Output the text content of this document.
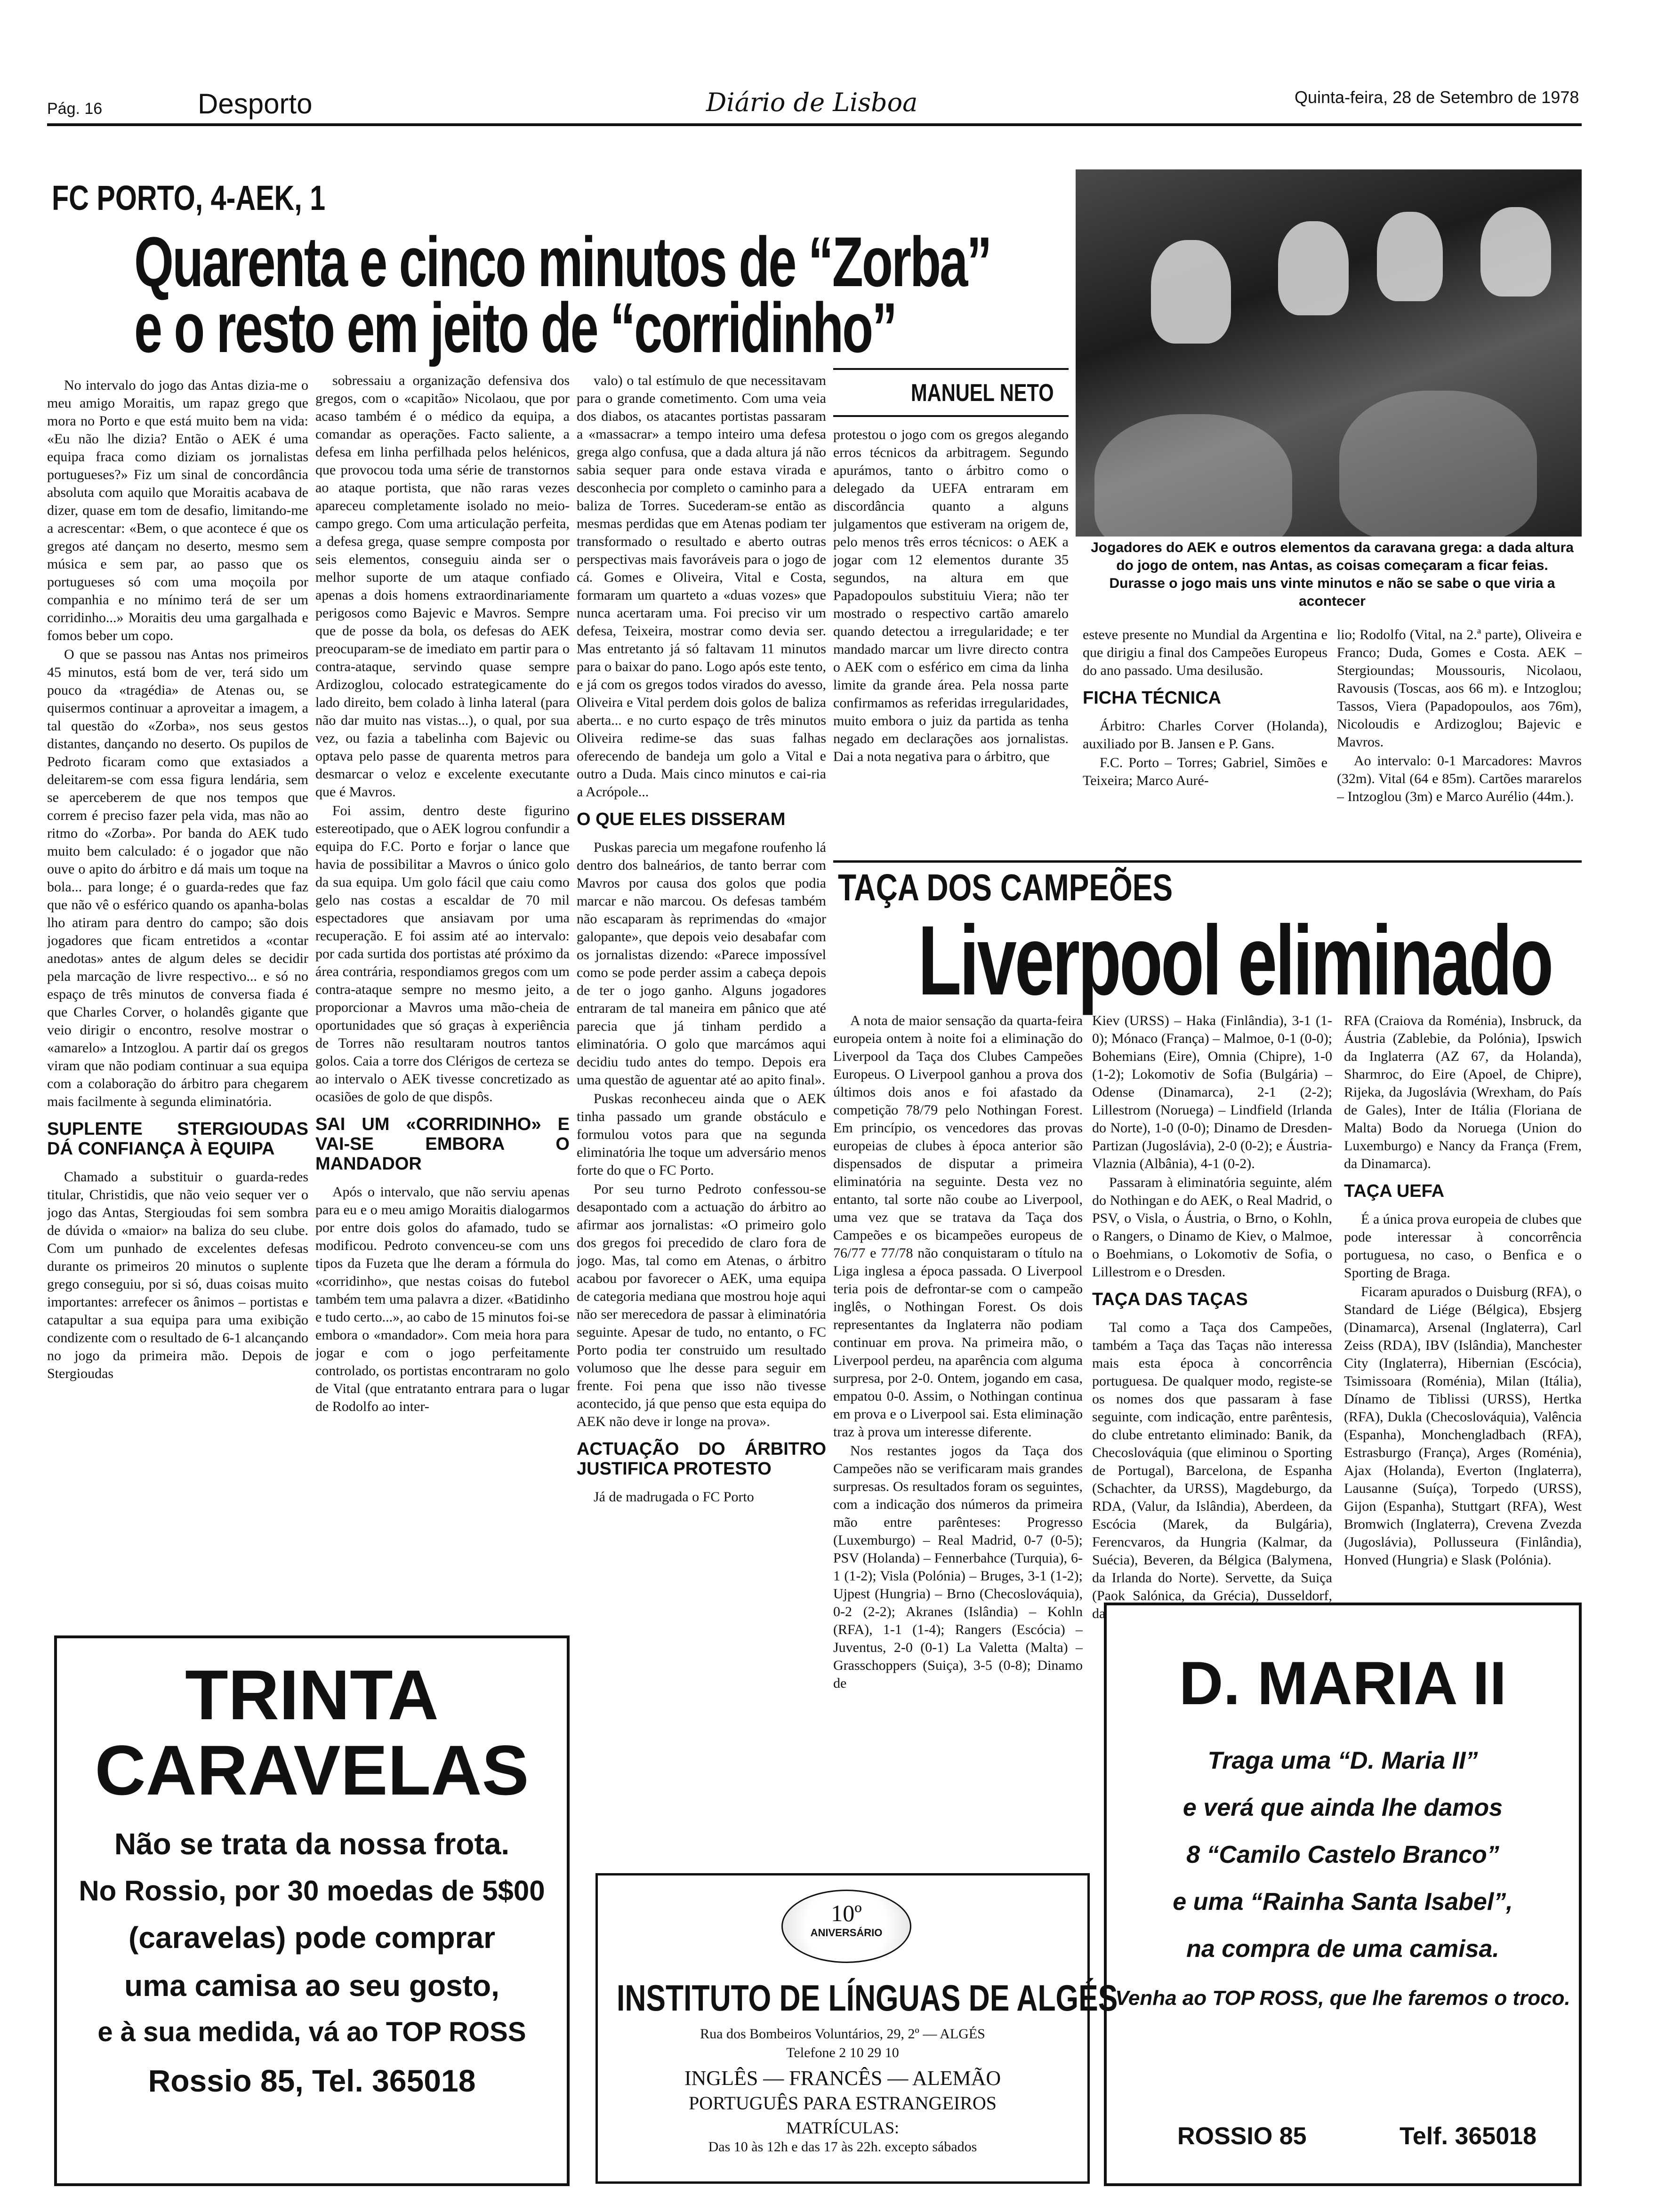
Pág. 16	Desporto	Diário de Lisboa	Quinta-feira, 28 de Setembro de 1978
FC PORTO, 4-AEK, 1
Quarenta e cinco minutos de “Zorba”
e o resto em jeito de “corridinho”
Jogadores do AEK e outros elementos da caravana grega: a dada altura do jogo de ontem, nas Antas, as coisas começaram a ficar feias. Durasse o jogo mais uns vinte minutos e não se sabe o que viria a acontecer
MANUEL NETO

No intervalo do jogo das Antas dizia-me o meu amigo Moraitis, um rapaz grego que mora no Porto e que está muito bem na vida: «Eu não lhe dizia? Então o AEK é uma equipa fraca como diziam os jornalistas portugueses?» Fiz um sinal de concordância absoluta com aquilo que Moraitis acabava de dizer, quase em tom de desafio, limitando-me a acrescentar: «Bem, o que acontece é que os gregos até dançam no deserto, mesmo sem música e sem par, ao passo que os portugueses só com uma moçoila por companhia e no mínimo terá de ser um corridinho...» Moraitis deu uma gargalhada e fomos beber um copo.

O que se passou nas Antas nos primeiros 45 minutos, está bom de ver, terá sido um pouco da «tragédia» de Atenas ou, se quisermos continuar a aproveitar a imagem, a tal questão do «Zorba», nos seus gestos distantes, dançando no deserto. Os pupilos de Pedroto ficaram como que extasiados a deleitarem-se com essa figura lendária, sem se aperceberem de que nos tempos que correm é preciso fazer pela vida, mas não ao ritmo do «Zorba». Por banda do AEK tudo muito bem calculado: é o jogador que não ouve o apito do árbitro e dá mais um toque na bola... para longe; é o guarda-redes que faz que não vê o esférico quando os apanha-bolas lho atiram para dentro do campo; são dois jogadores que ficam entretidos a «contar anedotas» antes de algum deles se decidir pela marcação de livre respectivo... e só no espaço de três minutos de conversa fiada é que Charles Corver, o holandês gigante que veio dirigir o encontro, resolve mostrar o «amarelo» a Intzoglou. A partir daí os gregos viram que não podiam continuar a sua equipa com a colaboração do árbitro para chegarem mais facilmente à segunda eliminatória.

SUPLENTE STERGIOUDAS DÁ CONFIANÇA À EQUIPA

Chamado a substituir o guarda-redes titular, Christidis, que não veio sequer ver o jogo das Antas, Stergioudas foi sem sombra de dúvida o «maior» na baliza do seu clube. Com um punhado de excelentes defesas durante os primeiros 20 minutos o suplente grego conseguiu, por si só, duas coisas muito importantes: arrefecer os ânimos – portistas e catapultar a sua equipa para uma exibição condizente com o resultado de 6-1 alcançando no jogo da primeira mão. Depois de Stergioudas

sobressaiu a organização defensiva dos gregos, com o «capitão» Nicolaou, que por acaso também é o médico da equipa, a comandar as operações. Facto saliente, a defesa em linha perfilhada pelos helénicos, que provocou toda uma série de transtornos ao ataque portista, que não raras vezes apareceu completamente isolado no meio-campo grego. Com uma articulação perfeita, a defesa grega, quase sempre composta por seis elementos, conseguiu ainda ser o melhor suporte de um ataque confiado apenas a dois homens extraordinariamente perigosos como Bajevic e Mavros. Sempre que de posse da bola, os defesas do AEK preocuparam-se de imediato em partir para o contra-ataque, servindo quase sempre Ardizoglou, colocado estrategicamente do lado direito, bem colado à linha lateral (para não dar muito nas vistas...), o qual, por sua vez, ou fazia a tabelinha com Bajevic ou optava pelo passe de quarenta metros para desmarcar o veloz e excelente executante que é Mavros.

Foi assim, dentro deste figurino estereotipado, que o AEK logrou confundir a equipa do F.C. Porto e forjar o lance que havia de possibilitar a Mavros o único golo da sua equipa. Um golo fácil que caiu como gelo nas costas a escaldar de 70 mil espectadores que ansiavam por uma recuperação. E foi assim até ao intervalo: por cada surtida dos portistas até próximo da área contrária, respondiamos gregos com um contra-ataque sempre no mesmo jeito, a proporcionar a Mavros uma mão-cheia de oportunidades que só graças à experiência de Torres não resultaram noutros tantos golos. Caia a torre dos Clérigos de certeza se ao intervalo o AEK tivesse concretizado as ocasiões de golo de que dispôs.

SAI UM «CORRIDINHO» E VAI-SE EMBORA O MANDADOR

Após o intervalo, que não serviu apenas para eu e o meu amigo Moraitis dialogarmos por entre dois golos do afamado, tudo se modificou. Pedroto convenceu-se com uns tipos da Fuzeta que lhe deram a fórmula do «corridinho», que nestas coisas do futebol também tem uma palavra a dizer. «Batidinho e tudo certo...», ao cabo de 15 minutos foi-se embora o «mandador». Com meia hora para jogar e com o jogo perfeitamente controlado, os portistas encontraram no golo de Vital (que entratanto entrara para o lugar de Rodolfo ao inter-

valo) o tal estímulo de que necessitavam para o grande cometimento. Com uma veia dos diabos, os atacantes portistas passaram a «massacrar» a tempo inteiro uma defesa grega algo confusa, que a dada altura já não sabia sequer para onde estava virada e desconhecia por completo o caminho para a baliza de Torres. Sucederam-se então as mesmas perdidas que em Atenas podiam ter transformado o resultado e aberto outras perspectivas mais favoráveis para o jogo de cá. Gomes e Oliveira, Vital e Costa, formaram um quarteto a «duas vozes» que nunca acertaram uma. Foi preciso vir um defesa, Teixeira, mostrar como devia ser. Mas entretanto já só faltavam 11 minutos para o baixar do pano. Logo após este tento, e já com os gregos todos virados do avesso, Oliveira e Vital perdem dois golos de baliza aberta... e no curto espaço de três minutos Oliveira redime-se das suas falhas oferecendo de bandeja um golo a Vital e outro a Duda. Mais cinco minutos e cai-ria a Acrópole...

O QUE ELES DISSERAM

Puskas parecia um megafone roufenho lá dentro dos balneários, de tanto berrar com Mavros por causa dos golos que podia marcar e não marcou. Os defesas também não escaparam às reprimendas do «major galopante», que depois veio desabafar com os jornalistas dizendo: «Parece impossível como se pode perder assim a cabeça depois de ter o jogo ganho. Alguns jogadores entraram de tal maneira em pânico que até parecia que já tinham perdido a eliminatória. O golo que marcámos aqui decidiu tudo antes do tempo. Depois era uma questão de aguentar até ao apito final».

Puskas reconheceu ainda que o AEK tinha passado um grande obstáculo e formulou votos para que na segunda eliminatória lhe toque um adversário menos forte do que o FC Porto.

Por seu turno Pedroto confessou-se desapontado com a actuação do árbitro ao afirmar aos jornalistas: «O primeiro golo dos gregos foi precedido de claro fora de jogo. Mas, tal como em Atenas, o árbitro acabou por favorecer o AEK, uma equipa de categoria mediana que mostrou hoje aqui não ser merecedora de passar à eliminatória seguinte. Apesar de tudo, no entanto, o FC Porto podia ter construido um resultado volumoso que lhe desse para seguir em frente. Foi pena que isso não tivesse acontecido, já que penso que esta equipa do AEK não deve ir longe na prova».

ACTUAÇÃO DO ÁRBITRO JUSTIFICA PROTESTO

Já de madrugada o FC Porto

protestou o jogo com os gregos alegando erros técnicos da arbitragem. Segundo apurámos, tanto o árbitro como o delegado da UEFA entraram em discordância quanto a alguns julgamentos que estiveram na origem de, pelo menos três erros técnicos: o AEK a jogar com 12 elementos durante 35 segundos, na altura em que Papadopoulos substituiu Viera; não ter mostrado o respectivo cartão amarelo quando detectou a irregularidade; e ter mandado marcar um livre directo contra o AEK com o esférico em cima da linha limite da grande área. Pela nossa parte confirmamos as referidas irregularidades, muito embora o juiz da partida as tenha negado em declarações aos jornalistas. Dai a nota negativa para o árbitro, que

esteve presente no Mundial da Argentina e que dirigiu a final dos Campeões Europeus do ano passado. Uma desilusão.

FICHA TÉCNICA

Árbitro: Charles Corver (Holanda), auxiliado por B. Jansen e P. Gans.

F.C. Porto – Torres; Gabriel, Simões e Teixeira; Marco Auré-

lio; Rodolfo (Vital, na 2.ª parte), Oliveira e Franco; Duda, Gomes e Costa. AEK – Stergioundas; Moussouris, Nicolaou, Ravousis (Toscas, aos 66 m). e Intzoglou; Tassos, Viera (Papadopoulos, aos 76m), Nicoloudis e Ardizoglou; Bajevic e Mavros.

Ao intervalo: 0-1 Marcadores: Mavros (32m). Vital (64 e 85m). Cartões mararelos – Intzoglou (3m) e Marco Aurélio (44m.).

TAÇA DOS CAMPEÕES
Liverpool eliminado

A nota de maior sensação da quarta-feira europeia ontem à noite foi a eliminação do Liverpool da Taça dos Clubes Campeões Europeus. O Liverpool ganhou a prova dos últimos dois anos e foi afastado da competição 78/79 pelo Nothingan Forest. Em princípio, os vencedores das provas europeias de clubes à época anterior são dispensados de disputar a primeira eliminatória na seguinte. Desta vez no entanto, tal sorte não coube ao Liverpool, uma vez que se tratava da Taça dos Campeões e os bicampeões europeus de 76/77 e 77/78 não conquistaram o título na Liga inglesa a época passada. O Liverpool teria pois de defrontar-se com o campeão inglês, o Nothingan Forest. Os dois representantes da Inglaterra não podiam continuar em prova. Na primeira mão, o Liverpool perdeu, na aparência com alguma surpresa, por 2-0. Ontem, jogando em casa, empatou 0-0. Assim, o Nothingan continua em prova e o Liverpool sai. Esta eliminação traz à prova um interesse diferente.

Nos restantes jogos da Taça dos Campeões não se verificaram mais grandes surpresas. Os resultados foram os seguintes, com a indicação dos números da primeira mão entre parênteses: Progresso (Luxemburgo) – Real Madrid, 0-7 (0-5); PSV (Holanda) – Fennerbahce (Turquia), 6-1 (1-2); Visla (Polónia) – Bruges, 3-1 (1-2); Ujpest (Hungria) – Brno (Checoslováquia), 0-2 (2-2); Akranes (Islândia) – Kohln (RFA), 1-1 (1-4); Rangers (Escócia) – Juventus, 2-0 (0-1) La Valetta (Malta) – Grasschoppers (Suiça), 3-5 (0-8); Dinamo de

Kiev (URSS) – Haka (Finlândia), 3-1 (1-0); Mónaco (França) – Malmoe, 0-1 (0-0); Bohemians (Eire), Omnia (Chipre), 1-0 (1-2); Lokomotiv de Sofia (Bulgária) – Odense (Dinamarca), 2-1 (2-2); Lillestrom (Noruega) – Lindfield (Irlanda do Norte), 1-0 (0-0); Dinamo de Dresden- Partizan (Jugoslávia), 2-0 (0-2); e Áustria-Vlaznia (Albânia), 4-1 (0-2).

Passaram à eliminatória seguinte, além do Nothingan e do AEK, o Real Madrid, o PSV, o Visla, o Áustria, o Brno, o Kohln, o Rangers, o Dinamo de Kiev, o Malmoe, o Boehmians, o Lokomotiv de Sofia, o Lillestrom e o Dresden.

TAÇA DAS TAÇAS

Tal como a Taça dos Campeões, também a Taça das Taças não interessa mais esta época à concorrência portuguesa. De qualquer modo, registe-se os nomes dos que passaram à fase seguinte, com indicação, entre parêntesis, do clube entretanto eliminado: Banik, da Checoslováquia (que eliminou o Sporting de Portugal), Barcelona, de Espanha (Schachter, da URSS), Magdeburgo, da RDA, (Valur, da Islândia), Aberdeen, da Escócia (Marek, da Bulgária), Ferencvaros, da Hungria (Kalmar, da Suécia), Beveren, da Bélgica (Balymena, da Irlanda do Norte). Servette, da Suiça (Paok Salónica, da Grécia), Dusseldorf, da

RFA (Craiova da Roménia), Insbruck, da Áustria (Zablebie, da Polónia), Ipswich da Inglaterra (AZ 67, da Holanda), Sharmroc, do Eire (Apoel, de Chipre), Rijeka, da Jugoslávia (Wrexham, do País de Gales), Inter de Itália (Floriana de Malta) Bodo da Noruega (Union do Luxemburgo) e Nancy da França (Frem, da Dinamarca).

TAÇA UEFA

É a única prova europeia de clubes que pode interessar à concorrência portuguesa, no caso, o Benfica e o Sporting de Braga.

Ficaram apurados o Duisburg (RFA), o Standard de Liége (Bélgica), Ebsjerg (Dinamarca), Arsenal (Inglaterra), Carl Zeiss (RDA), IBV (Islândia), Manchester City (Inglaterra), Hibernian (Escócia), Tsimissoara (Roménia), Milan (Itália), Dínamo de Tiblissi (URSS), Hertka (RFA), Dukla (Checoslováquia), Valência (Espanha), Monchengladbach (RFA), Estrasburgo (França), Arges (Roménia), Ajax (Holanda), Everton (Inglaterra), Lausanne (Suíça), Torpedo (URSS), Gijon (Espanha), Stuttgart (RFA), West Bromwich (Inglaterra), Crevena Zvezda (Jugoslávia), Pollusseura (Finlândia), Honved (Hungria) e Slask (Polónia).

TRINTA
CARAVELAS
Não se trata da nossa frota.
No Rossio, por 30 moedas de 5$00
(caravelas) pode comprar
uma camisa ao seu gosto,
e à sua medida, vá ao TOP ROSS
Rossio 85, Tel. 365018
10º
ANIVERSÁRIO
INSTITUTO DE LÍNGUAS DE ALGÉS
Rua dos Bombeiros Voluntários, 29, 2º — ALGÉS
Telefone 2 10 29 10
INGLÊS — FRANCÊS — ALEMÃO
PORTUGUÊS PARA ESTRANGEIROS
MATRÍCULAS:
Das 10 às 12h e das 17 às 22h. excepto sábados
D. MARIA II
Traga uma “D. Maria II”
e verá que ainda lhe damos
8 “Camilo Castelo Branco”
e uma “Rainha Santa Isabel”,
na compra de uma camisa.
Venha ao TOP ROSS, que lhe faremos o troco.
ROSSIO 85	Telf. 365018
